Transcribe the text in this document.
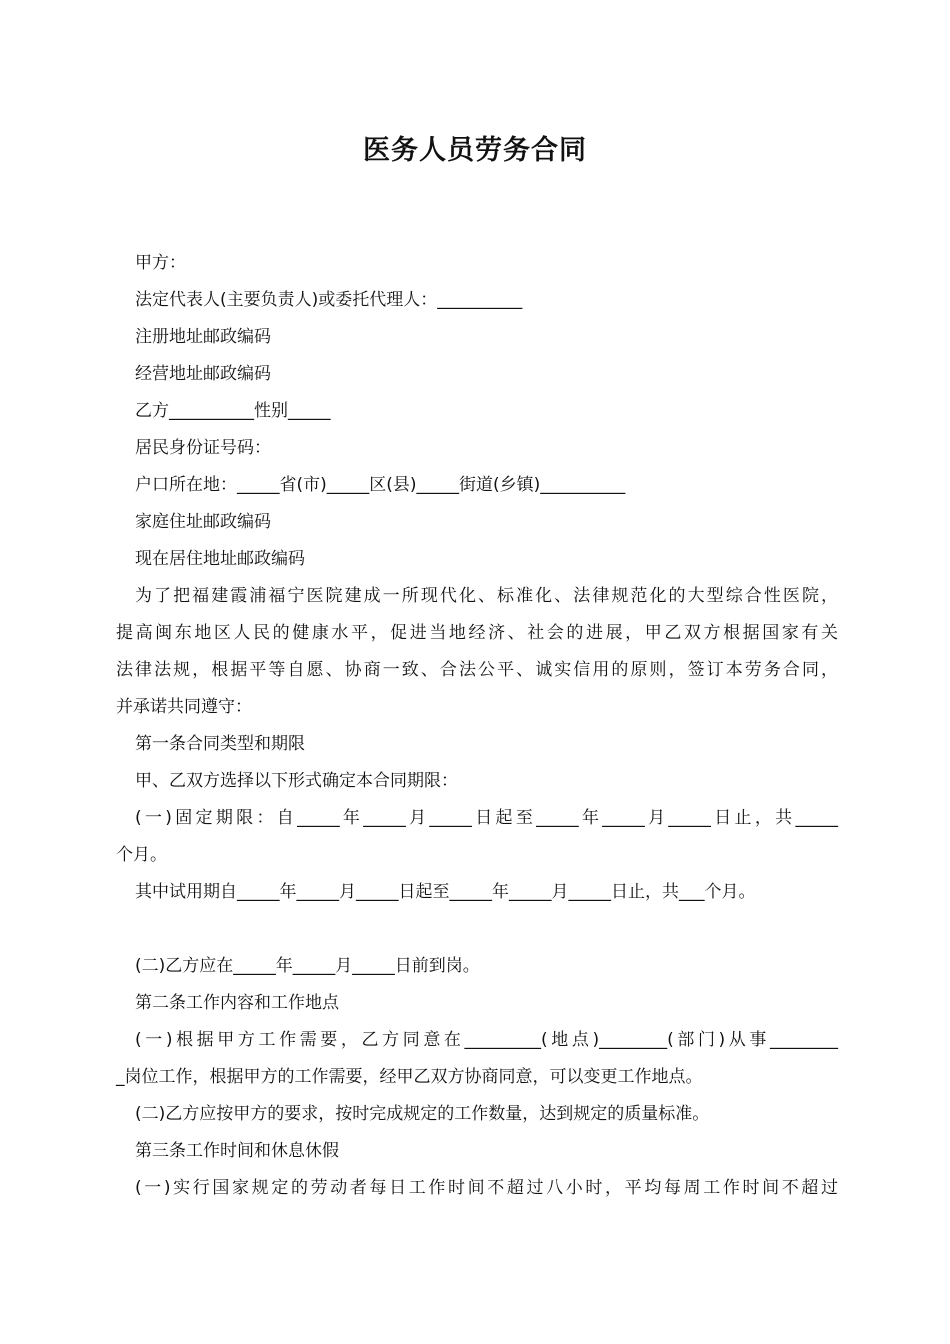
医务人员劳务合同

甲方：

法定代表人(主要负责人)或委托代理人：__________

注册地址邮政编码

经营地址邮政编码

乙方__________性别_____

居民身份证号码：

户口所在地：_____省(市)_____区(县)_____街道(乡镇)__________

家庭住址邮政编码

现在居住地址邮政编码

为了把福建霞浦福宁医院建成一所现代化、标准化、法律规范化的大型综合性医院，

提高闽东地区人民的健康水平，促进当地经济、社会的进展，甲乙双方根据国家有关

法律法规，根据平等自愿、协商一致、合法公平、诚实信用的原则，签订本劳务合同，

并承诺共同遵守：

第一条合同类型和期限

甲、乙双方选择以下形式确定本合同期限：

(一)固定期限：自_____年_____月_____日起至_____年_____月_____日止，共_____

个月。

其中试用期自_____年_____月_____日起至_____年_____月_____日止，共___个月。

(二)乙方应在_____年_____月_____日前到岗。

第二条工作内容和工作地点

(一)根据甲方工作需要，乙方同意在_________(地点)________(部门)从事________

_岗位工作，根据甲方的工作需要，经甲乙双方协商同意，可以变更工作地点。

(二)乙方应按甲方的要求，按时完成规定的工作数量，达到规定的质量标准。

第三条工作时间和休息休假

(一)实行国家规定的劳动者每日工作时间不超过八小时，平均每周工作时间不超过
